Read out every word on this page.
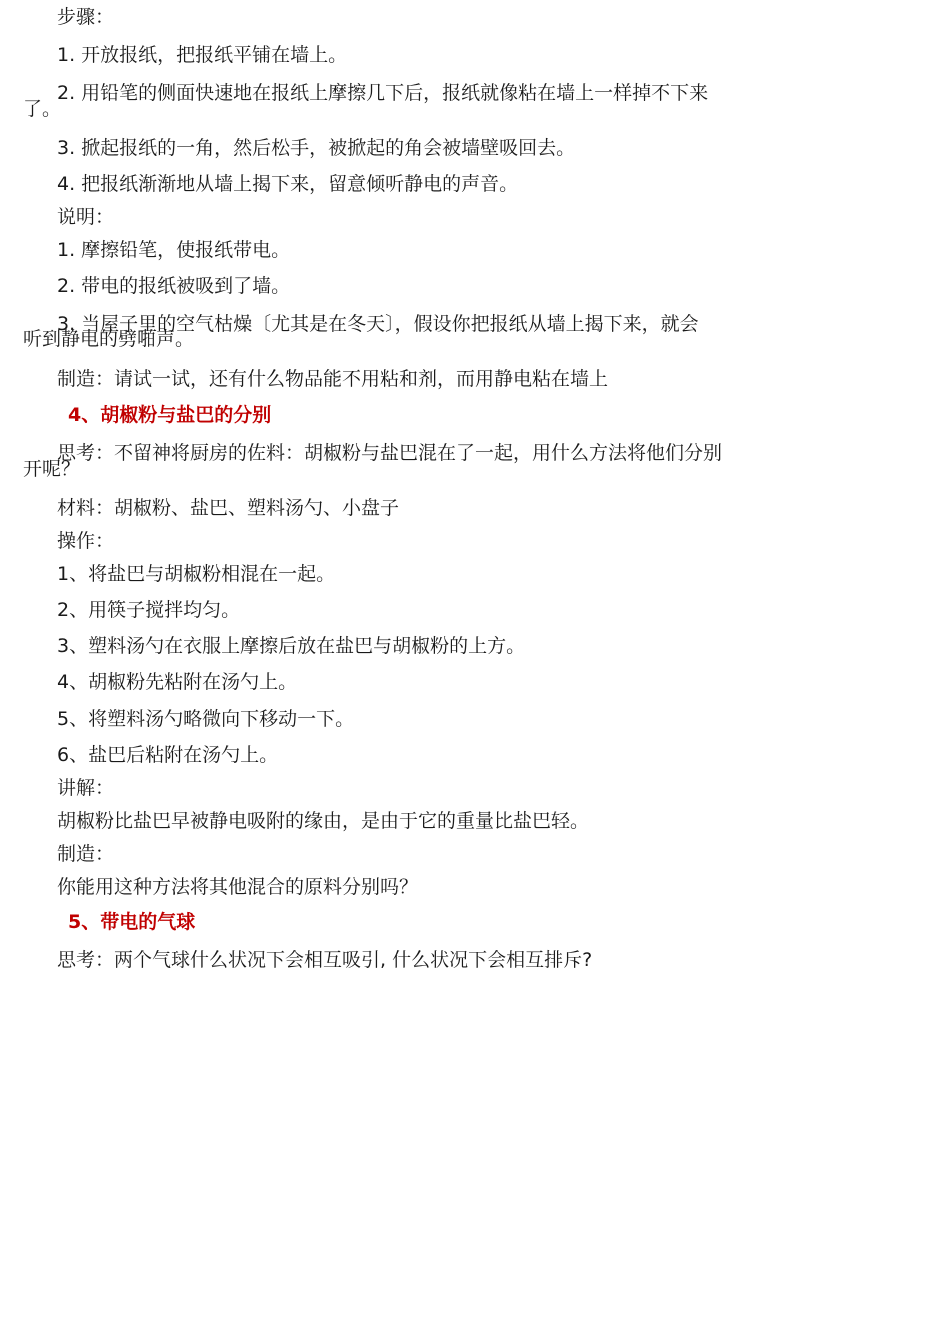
步骤：
1. 开放报纸，把报纸平铺在墙上。
2. 用铅笔的侧面快速地在报纸上摩擦几下后，报纸就像粘在墙上一样掉不下来
了。
3. 掀起报纸的一角，然后松手，被掀起的角会被墙壁吸回去。
4. 把报纸渐渐地从墙上揭下来，留意倾听静电的声音。
说明：
1. 摩擦铅笔，使报纸带电。
2. 带电的报纸被吸到了墙。
3. 当屋子里的空气枯燥〔尤其是在冬天〕，假设你把报纸从墙上揭下来，就会
听到静电的劈啪声。
制造：请试一试，还有什么物品能不用粘和剂，而用静电粘在墙上
4、胡椒粉与盐巴的分别
思考：不留神将厨房的佐料：胡椒粉与盐巴混在了一起，用什么方法将他们分别
开呢？
材料：胡椒粉、盐巴、塑料汤勺、小盘子
操作：
1、将盐巴与胡椒粉相混在一起。
2、用筷子搅拌均匀。
3、塑料汤勺在衣服上摩擦后放在盐巴与胡椒粉的上方。
4、胡椒粉先粘附在汤勺上。
5、将塑料汤勺略微向下移动一下。
6、盐巴后粘附在汤勺上。
讲解：
胡椒粉比盐巴早被静电吸附的缘由，是由于它的重量比盐巴轻。
制造：
你能用这种方法将其他混合的原料分别吗？
5、带电的气球
思考：两个气球什么状况下会相互吸引, 什么状况下会相互排斥?
